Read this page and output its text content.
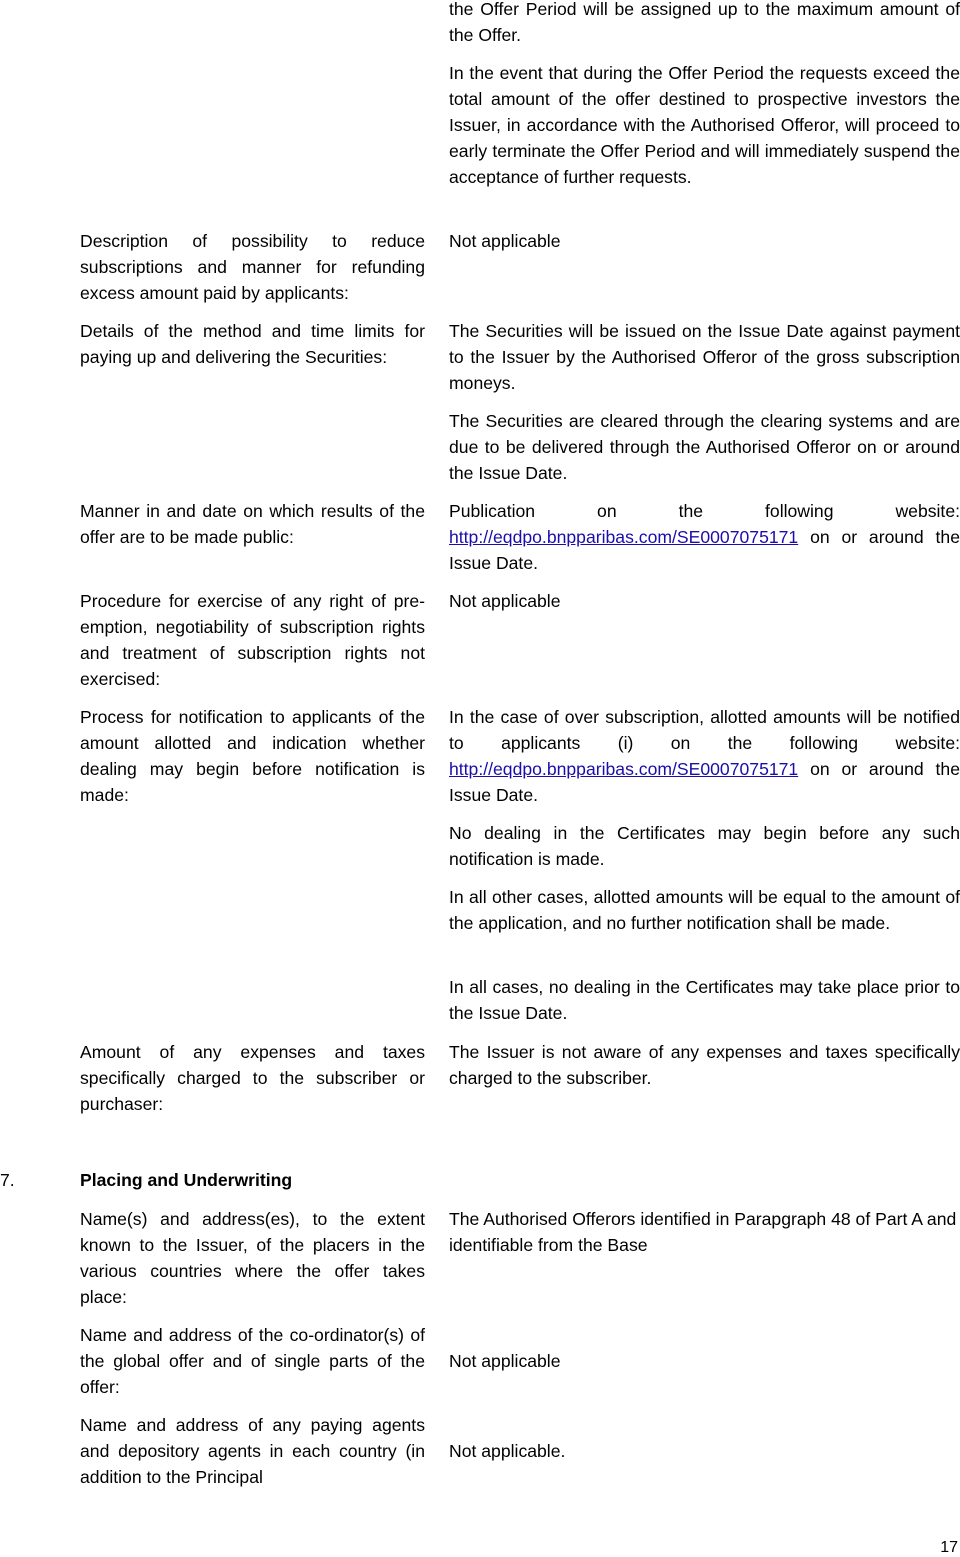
the Offer Period will be assigned up to the maximum amount of the Offer.

In the event that during the Offer Period the requests exceed the total amount of the offer destined to prospective investors the Issuer, in accordance with the Authorised Offeror, will proceed to early terminate the Offer Period and will immediately suspend the acceptance of further requests.

Description of possibility to reduce subscriptions and manner for refunding excess amount paid by applicants:

Not applicable

Details of the method and time limits for paying up and delivering the Securities:

The Securities will be issued on the Issue Date against payment to the Issuer by the Authorised Offeror of the gross subscription moneys.

The Securities are cleared through the clearing systems and are due to be delivered through the Authorised Offeror on or around the Issue Date.

Manner in and date on which results of the offer are to be made public:

Publication on the following website: http://eqdpo.bnpparibas.com/SE0007075171 on or around the Issue Date.

Procedure for exercise of any right of pre-emption, negotiability of subscription rights and treatment of subscription rights not exercised:

Not applicable

Process for notification to applicants of the amount allotted and indication whether dealing may begin before notification is made:

In the case of over subscription, allotted amounts will be notified to applicants (i) on the following website: http://eqdpo.bnpparibas.com/SE0007075171 on or around the Issue Date.

No dealing in the Certificates may begin before any such notification is made.

In all other cases, allotted amounts will be equal to the amount of the application, and no further notification shall be made.

In all cases, no dealing in the Certificates may take place prior to the Issue Date.

Amount of any expenses and taxes specifically charged to the subscriber or purchaser:

The Issuer is not aware of any expenses and taxes specifically charged to the subscriber.

7.	Placing and Underwriting

Name(s) and address(es), to the extent known to the Issuer, of the placers in the various countries where the offer takes place:

The Authorised Offerors identified in Parapgraph 48 of Part A and identifiable from the Base

Name and address of the co-ordinator(s) of the global offer and of single parts of the offer:

Not applicable

Name and address of any paying agents and depository agents in each country (in addition to the Principal

Not applicable.

17
